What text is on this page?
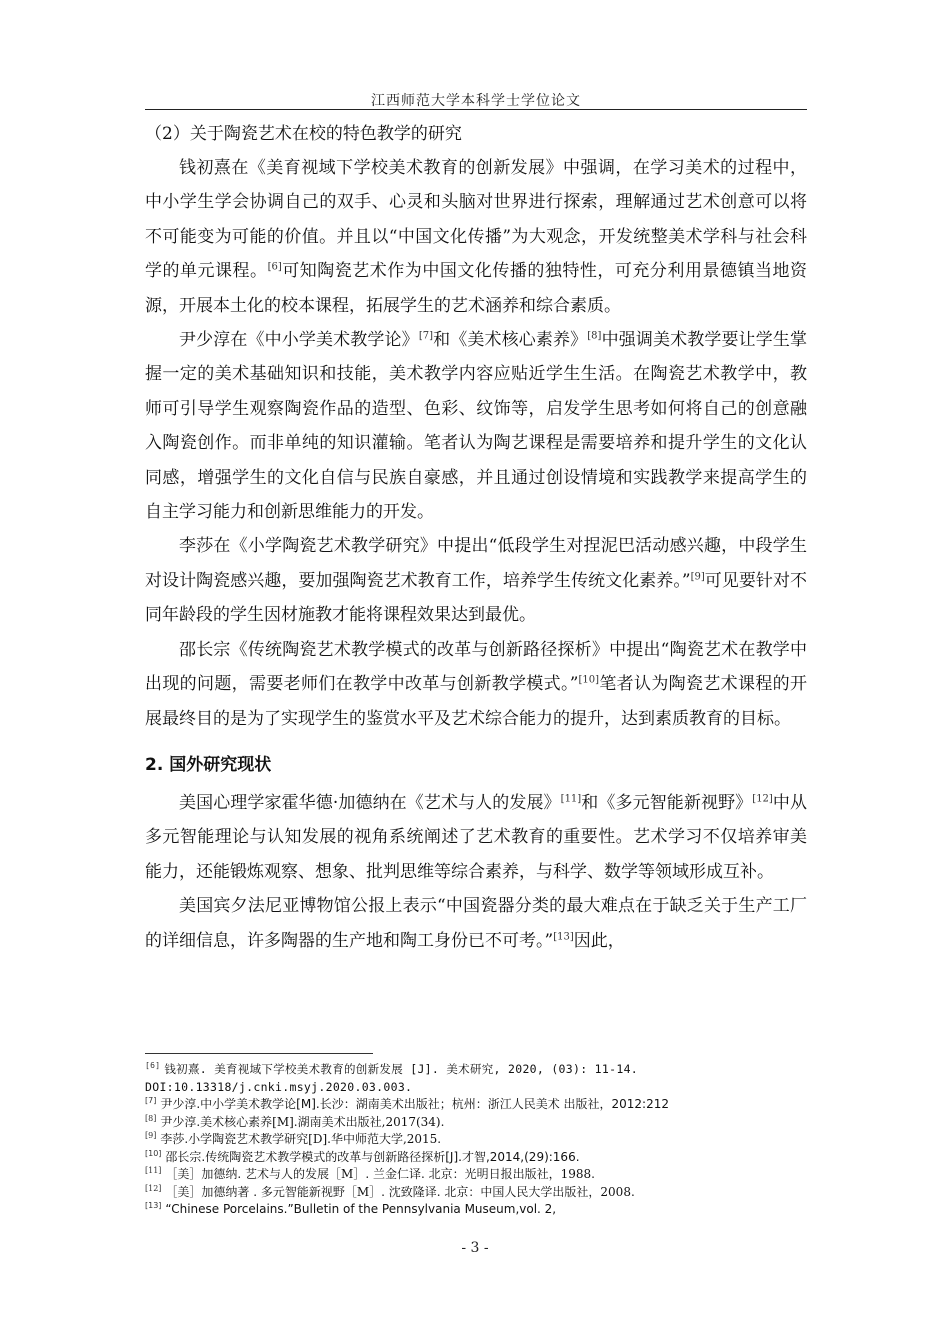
江西师范大学本科学士学位论文
（2）关于陶瓷艺术在校的特色教学的研究

钱初熹在《美育视域下学校美术教育的创新发展》中强调，在学习美术的过程中，中小学生学会协调自己的双手、心灵和头脑对世界进行探索，理解通过艺术创意可以将不可能变为可能的价值。并且以“中国文化传播”为大观念，开发统整美术学科与社会科学的单元课程。[6]可知陶瓷艺术作为中国文化传播的独特性，可充分利用景德镇当地资源，开展本土化的校本课程，拓展学生的艺术涵养和综合素质。

尹少淳在《中小学美术教学论》[7]和《美术核心素养》[8]中强调美术教学要让学生掌握一定的美术基础知识和技能，美术教学内容应贴近学生生活。在陶瓷艺术教学中，教师可引导学生观察陶瓷作品的造型、色彩、纹饰等，启发学生思考如何将自己的创意融入陶瓷创作。而非单纯的知识灌输。笔者认为陶艺课程是需要培养和提升学生的文化认同感，增强学生的文化自信与民族自豪感，并且通过创设情境和实践教学来提高学生的自主学习能力和创新思维能力的开发。

李莎在《小学陶瓷艺术教学研究》中提出“低段学生对捏泥巴活动感兴趣，中段学生对设计陶瓷感兴趣，要加强陶瓷艺术教育工作，培养学生传统文化素养。”[9]可见要针对不同年龄段的学生因材施教才能将课程效果达到最优。

邵长宗《传统陶瓷艺术教学模式的改革与创新路径探析》中提出“陶瓷艺术在教学中出现的问题，需要老师们在教学中改革与创新教学模式。”[10]笔者认为陶瓷艺术课程的开展最终目的是为了实现学生的鉴赏水平及艺术综合能力的提升，达到素质教育的目标。

2. 国外研究现状

美国心理学家霍华德·加德纳在《艺术与人的发展》[11]和《多元智能新视野》[12]中从多元智能理论与认知发展的视角系统阐述了艺术教育的重要性。艺术学习不仅培养审美能力，还能锻炼观察、想象、批判思维等综合素养，与科学、数学等领域形成互补。

美国宾夕法尼亚博物馆公报上表示“中国瓷器分类的最大难点在于缺乏关于生产工厂的详细信息，许多陶器的生产地和陶工身份已不可考。”[13]因此，

[6] 钱初熹. 美育视域下学校美术教育的创新发展 [J]. 美术研究, 2020, (03): 11-14. DOI:10.13318/j.cnki.msyj.2020.03.003.

[7] 尹少淳.中小学美术教学论[M].长沙：湖南美术出版社；杭州：浙江人民美术 出版社，2012:212

[8] 尹少淳.美术核心素养[M].湖南美术出版社,2017(34).

[9] 李莎.小学陶瓷艺术教学研究[D].华中师范大学,2015.

[10] 邵长宗.传统陶瓷艺术教学模式的改革与创新路径探析[J].才智,2014,(29):166.

[11] ［美］加德纳. 艺术与人的发展［M］. 兰金仁译. 北京：光明日报出版社，1988.

[12] ［美］加德纳著 . 多元智能新视野［M］. 沈致隆译. 北京：中国人民大学出版社，2008.

[13] “Chinese Porcelains.”Bulletin of the Pennsylvania Museum,vol. 2,

- 3 -
